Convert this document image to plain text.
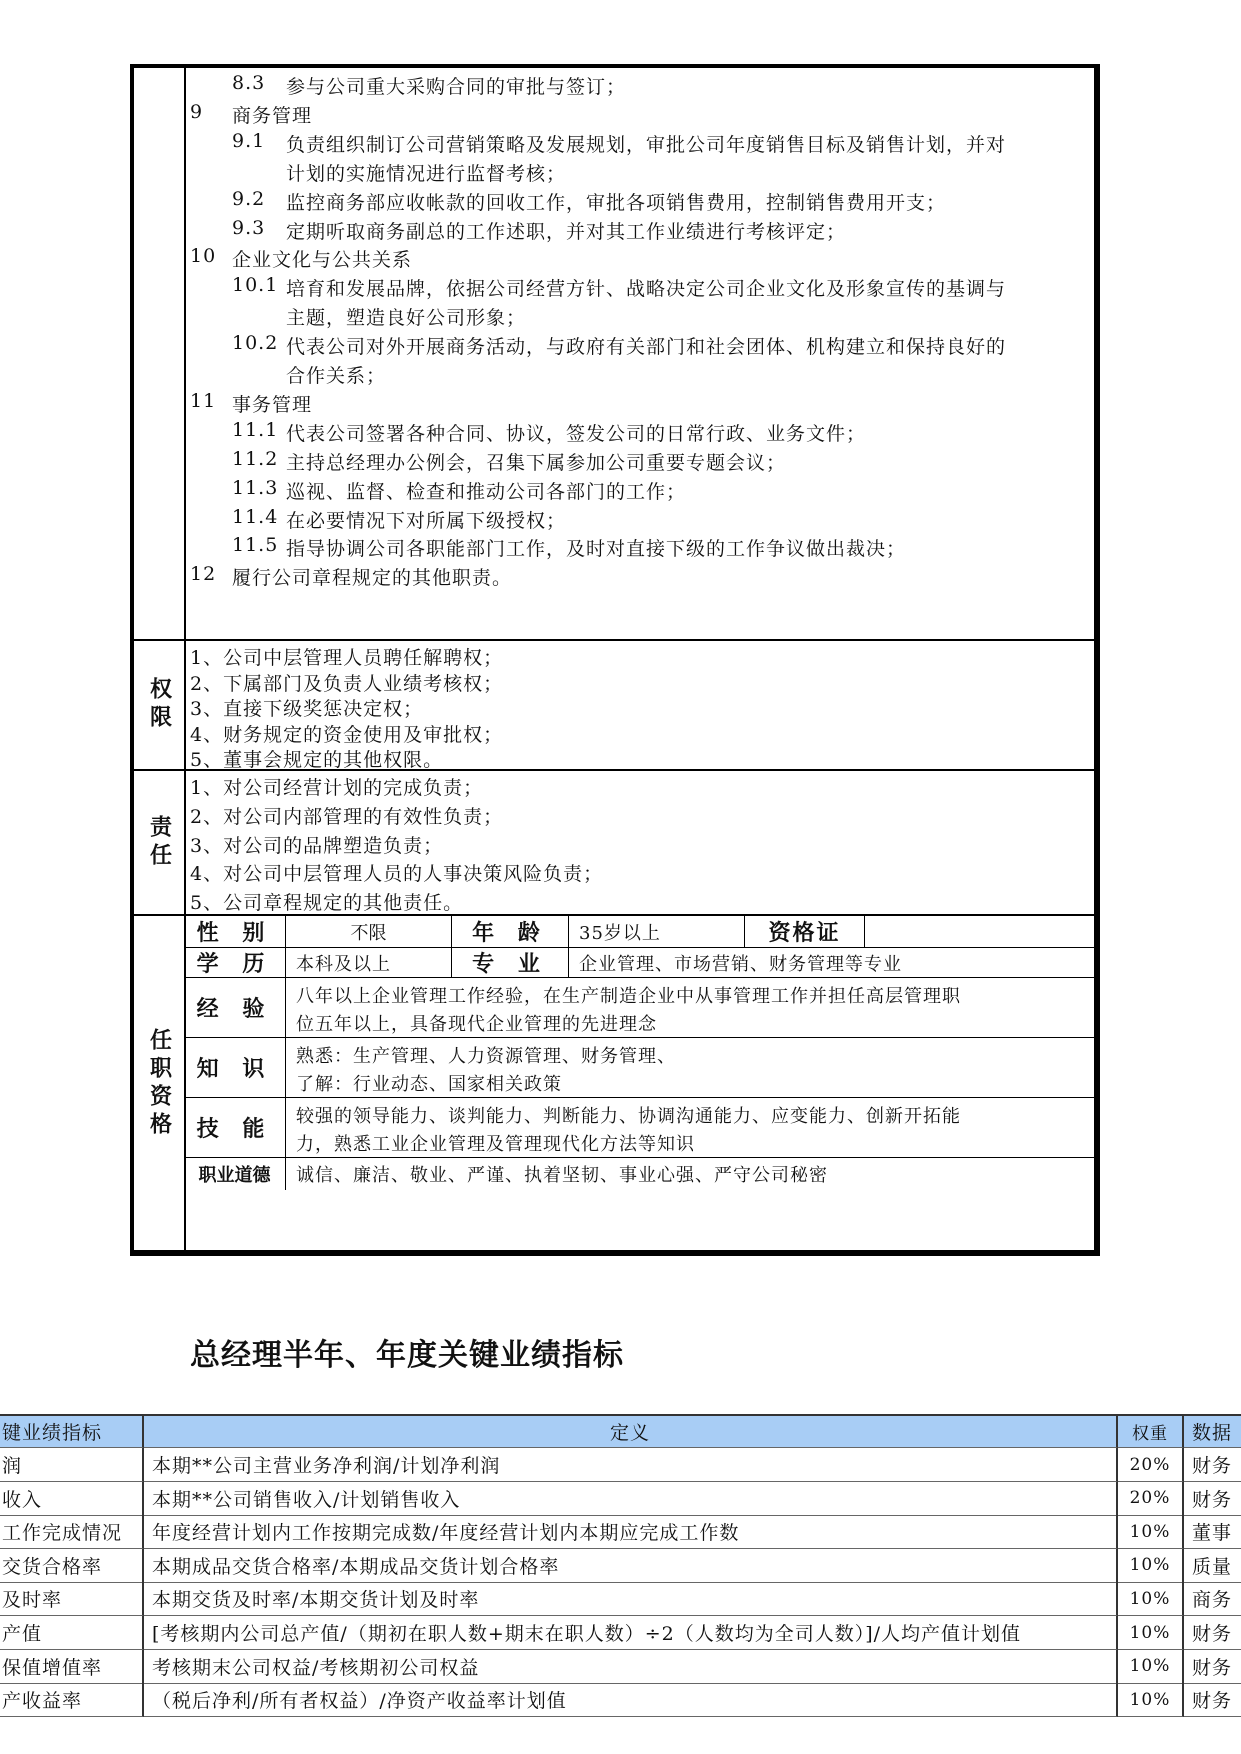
8.3 参与公司重大采购合同的审批与签订；
9 商务管理
9.1 负责组织制订公司营销策略及发展规划，审批公司年度销售目标及销售计划，并对
计划的实施情况进行监督考核；
9.2 监控商务部应收帐款的回收工作，审批各项销售费用，控制销售费用开支；
9.3 定期听取商务副总的工作述职，并对其工作业绩进行考核评定；
10 企业文化与公共关系
10.1 培育和发展品牌，依据公司经营方针、战略决定公司企业文化及形象宣传的基调与
主题，塑造良好公司形象；
10.2 代表公司对外开展商务活动，与政府有关部门和社会团体、机构建立和保持良好的
合作关系；
11 事务管理
11.1 代表公司签署各种合同、协议，签发公司的日常行政、业务文件；
11.2 主持总经理办公例会，召集下属参加公司重要专题会议；
11.3 巡视、监督、检查和推动公司各部门的工作；
11.4 在必要情况下对所属下级授权；
11.5 指导协调公司各职能部门工作，及时对直接下级的工作争议做出裁决；
12 履行公司章程规定的其他职责。
权限
1、公司中层管理人员聘任解聘权；
2、下属部门及负责人业绩考核权；
3、直接下级奖惩决定权；
4、财务规定的资金使用及审批权；
5、董事会规定的其他权限。
责任
1、对公司经营计划的完成负责；
2、对公司内部管理的有效性负责；
3、对公司的品牌塑造负责；
4、对公司中层管理人员的人事决策风险负责；
5、公司章程规定的其他责任。
任职资格
性 别	不限	年 龄	35岁以上	资格证
学 历	本科及以上	专 业	企业管理、市场营销、财务管理等专业
经 验
八年以上企业管理工作经验，在生产制造企业中从事管理工作并担任高层管理职
位五年以上，具备现代企业管理的先进理念
知 识
熟悉：生产管理、人力资源管理、财务管理、
了解：行业动态、国家相关政策
技 能
较强的领导能力、谈判能力、判断能力、协调沟通能力、应变能力、创新开拓能
力，熟悉工业企业管理及管理现代化方法等知识
职业道德	诚信、廉洁、敬业、严谨、执着坚韧、事业心强、严守公司秘密
总经理半年、年度关键业绩指标
键业绩指标	定义	权重	数据
润	本期**公司主营业务净利润/计划净利润	20%	财务
收入	本期**公司销售收入/计划销售收入	20%	财务
工作完成情况	年度经营计划内工作按期完成数/年度经营计划内本期应完成工作数	10%	董事
交货合格率	本期成品交货合格率/本期成品交货计划合格率	10%	质量
及时率	本期交货及时率/本期交货计划及时率	10%	商务
产值	[考核期内公司总产值/（期初在职人数+期末在职人数）÷2（人数均为全司人数）]/人均产值计划值	10%	财务
保值增值率	考核期末公司权益/考核期初公司权益	10%	财务
产收益率	（税后净利/所有者权益）/净资产收益率计划值	10%	财务
